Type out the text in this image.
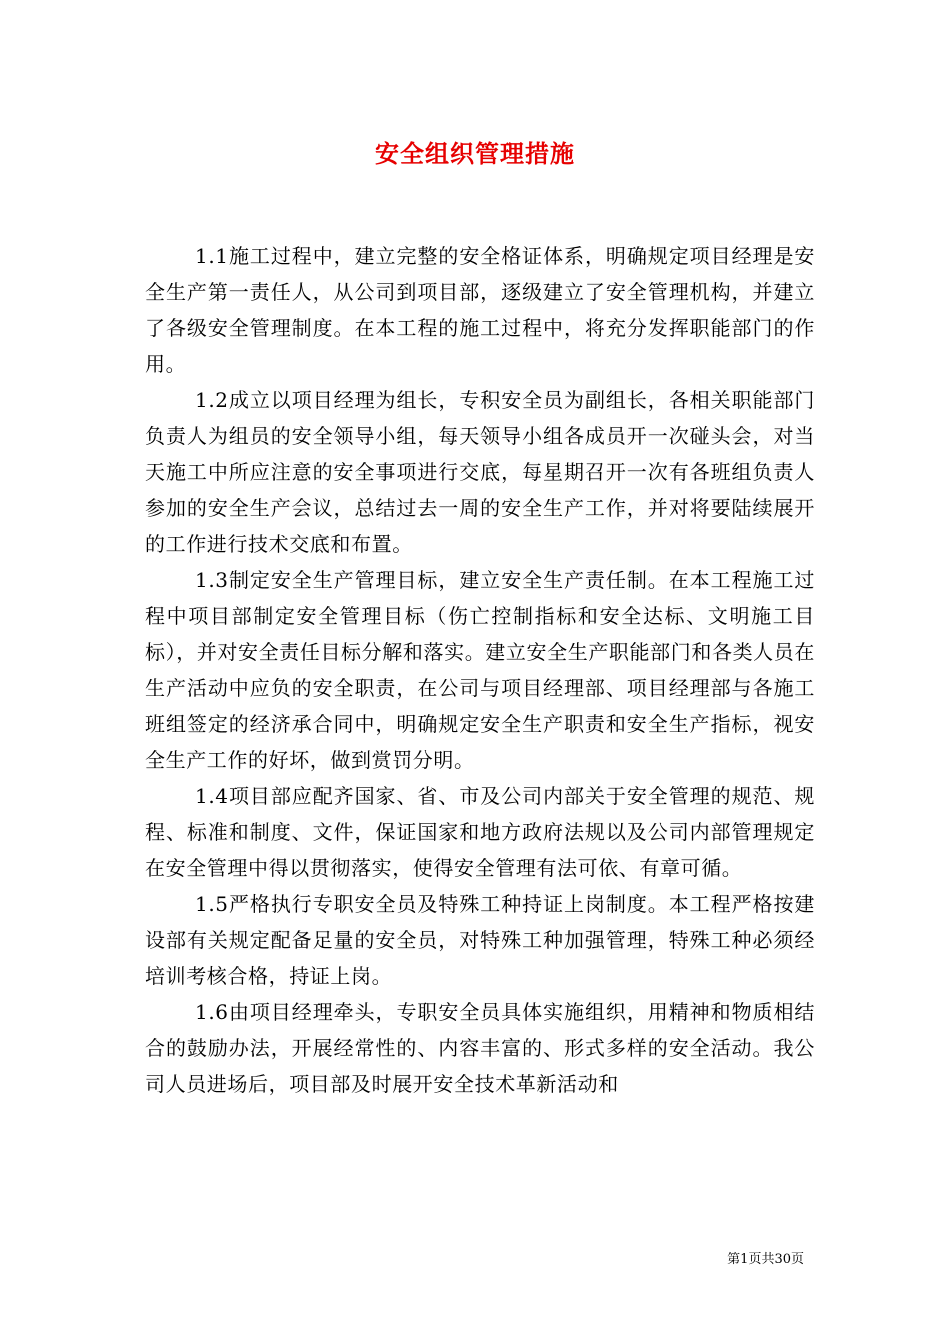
安全组织管理措施

1.1施工过程中，建立完整的安全格证体系，明确规定项目经理是安全生产第一责任人，从公司到项目部，逐级建立了安全管理机构，并建立了各级安全管理制度。在本工程的施工过程中，将充分发挥职能部门的作用。

1.2成立以项目经理为组长，专积安全员为副组长，各相关职能部门负责人为组员的安全领导小组，每天领导小组各成员开一次碰头会，对当天施工中所应注意的安全事项进行交底，每星期召开一次有各班组负责人参加的安全生产会议，总结过去一周的安全生产工作，并对将要陆续展开的工作进行技术交底和布置。

1.3制定安全生产管理目标，建立安全生产责任制。在本工程施工过程中项目部制定安全管理目标（伤亡控制指标和安全达标、文明施工目标），并对安全责任目标分解和落实。建立安全生产职能部门和各类人员在生产活动中应负的安全职责，在公司与项目经理部、项目经理部与各施工班组签定的经济承合同中，明确规定安全生产职责和安全生产指标，视安全生产工作的好坏，做到赏罚分明。

1.4项目部应配齐国家、省、市及公司内部关于安全管理的规范、规程、标准和制度、文件，保证国家和地方政府法规以及公司内部管理规定在安全管理中得以贯彻落实，使得安全管理有法可依、有章可循。

1.5严格执行专职安全员及特殊工种持证上岗制度。本工程严格按建设部有关规定配备足量的安全员，对特殊工种加强管理，特殊工种必须经培训考核合格，持证上岗。

1.6由项目经理牵头，专职安全员具体实施组织，用精神和物质相结合的鼓励办法，开展经常性的、内容丰富的、形式多样的安全活动。我公司人员进场后，项目部及时展开安全技术革新活动和

第1页共30页
